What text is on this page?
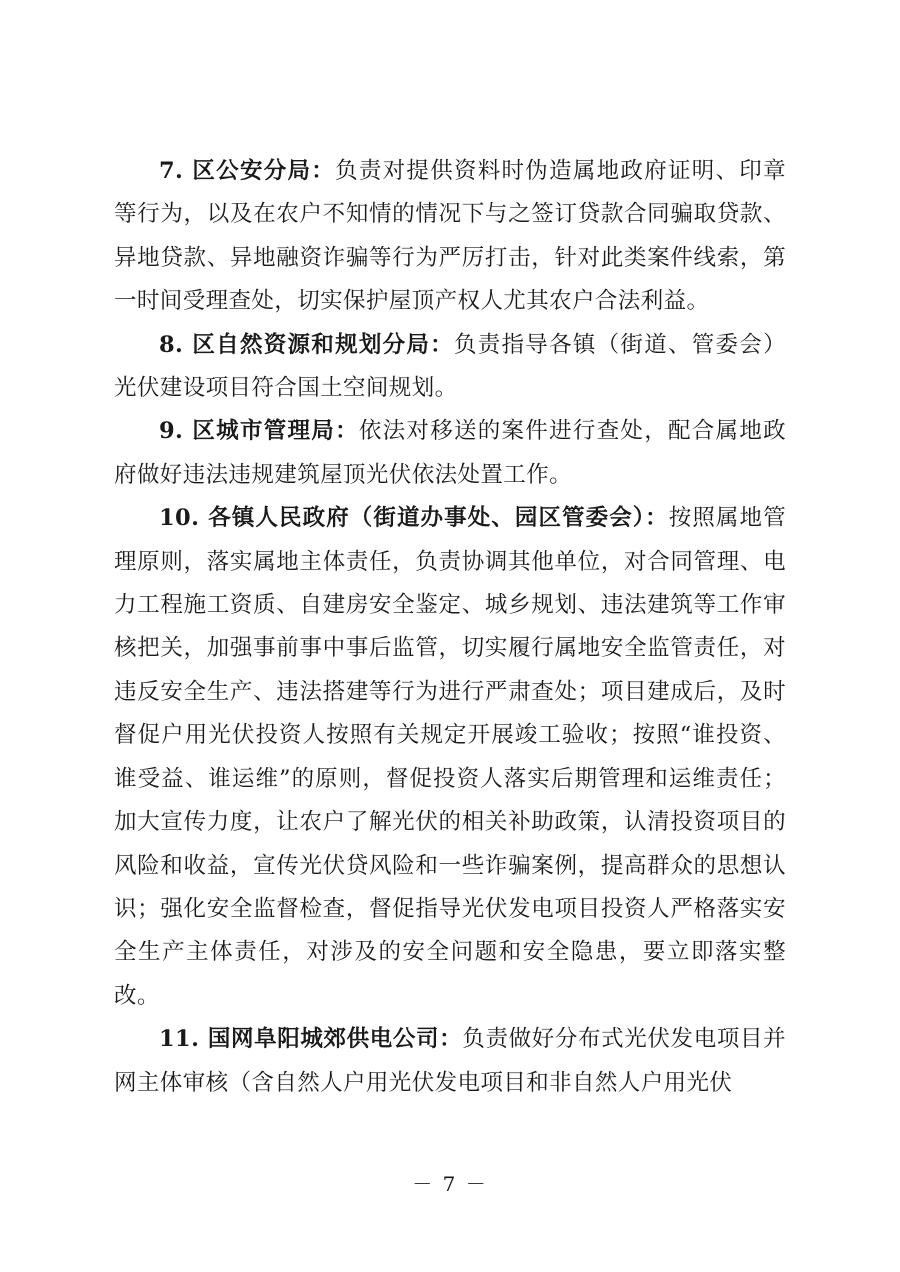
7. 区公安分局：负责对提供资料时伪造属地政府证明、印章等行为，以及在农户不知情的情况下与之签订贷款合同骗取贷款、异地贷款、异地融资诈骗等行为严厉打击，针对此类案件线索，第一时间受理查处，切实保护屋顶产权人尤其农户合法利益。

8. 区自然资源和规划分局：负责指导各镇（街道、管委会）光伏建设项目符合国土空间规划。

9. 区城市管理局：依法对移送的案件进行查处，配合属地政府做好违法违规建筑屋顶光伏依法处置工作。

10. 各镇人民政府（街道办事处、园区管委会）：按照属地管理原则，落实属地主体责任，负责协调其他单位，对合同管理、电力工程施工资质、自建房安全鉴定、城乡规划、违法建筑等工作审核把关，加强事前事中事后监管，切实履行属地安全监管责任，对违反安全生产、违法搭建等行为进行严肃查处；项目建成后，及时督促户用光伏投资人按照有关规定开展竣工验收；按照“谁投资、谁受益、谁运维”的原则，督促投资人落实后期管理和运维责任；加大宣传力度，让农户了解光伏的相关补助政策，认清投资项目的风险和收益，宣传光伏贷风险和一些诈骗案例，提高群众的思想认识；强化安全监督检查，督促指导光伏发电项目投资人严格落实安全生产主体责任，对涉及的安全问题和安全隐患，要立即落实整改。

11. 国网阜阳城郊供电公司：负责做好分布式光伏发电项目并网主体审核（含自然人户用光伏发电项目和非自然人户用光伏

－ 7 －
